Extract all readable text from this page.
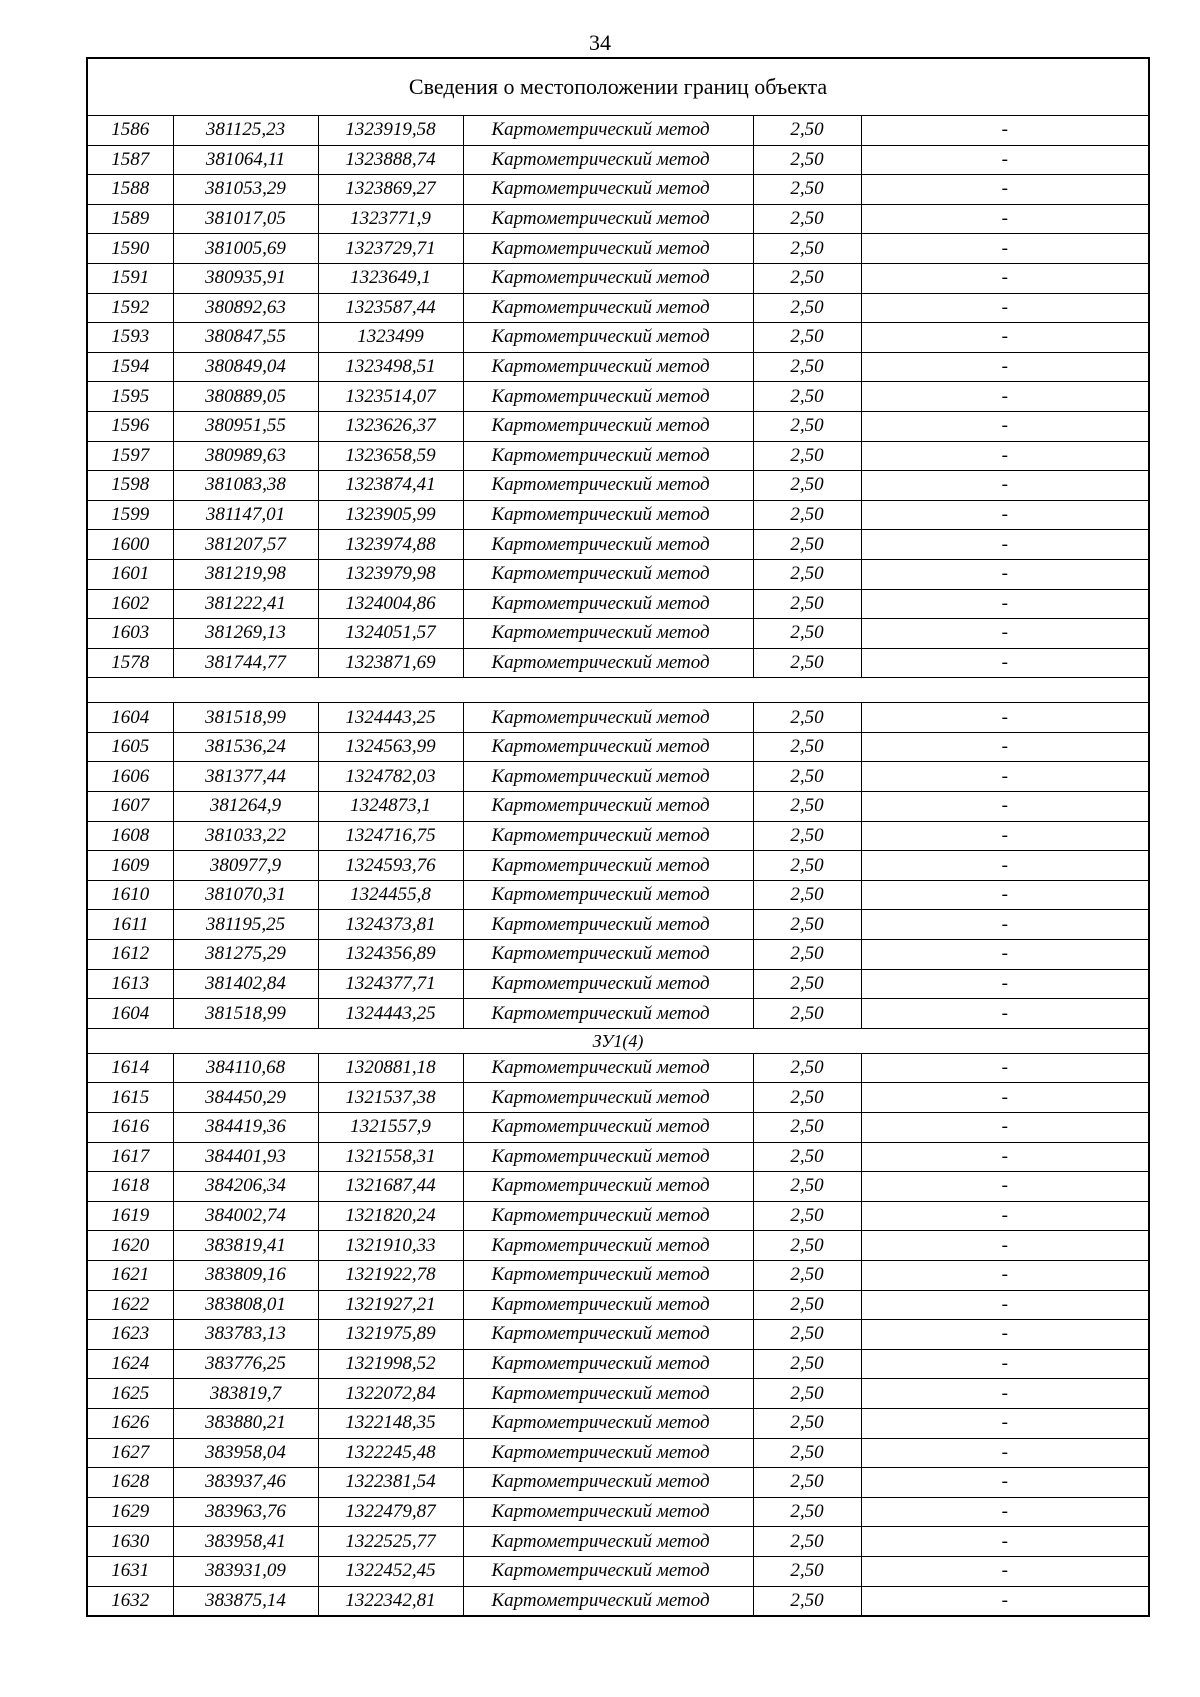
34
Сведения о местоположении границ объекта					
1586	381125,23	1323919,58	Картометрический метод	2,50	-
1587	381064,11	1323888,74	Картометрический метод	2,50	-
1588	381053,29	1323869,27	Картометрический метод	2,50	-
1589	381017,05	1323771,9	Картометрический метод	2,50	-
1590	381005,69	1323729,71	Картометрический метод	2,50	-
1591	380935,91	1323649,1	Картометрический метод	2,50	-
1592	380892,63	1323587,44	Картометрический метод	2,50	-
1593	380847,55	1323499	Картометрический метод	2,50	-
1594	380849,04	1323498,51	Картометрический метод	2,50	-
1595	380889,05	1323514,07	Картометрический метод	2,50	-
1596	380951,55	1323626,37	Картометрический метод	2,50	-
1597	380989,63	1323658,59	Картометрический метод	2,50	-
1598	381083,38	1323874,41	Картометрический метод	2,50	-
1599	381147,01	1323905,99	Картометрический метод	2,50	-
1600	381207,57	1323974,88	Картометрический метод	2,50	-
1601	381219,98	1323979,98	Картометрический метод	2,50	-
1602	381222,41	1324004,86	Картометрический метод	2,50	-
1603	381269,13	1324051,57	Картометрический метод	2,50	-
1578	381744,77	1323871,69	Картометрический метод	2,50	-

1604	381518,99	1324443,25	Картометрический метод	2,50	-
1605	381536,24	1324563,99	Картометрический метод	2,50	-
1606	381377,44	1324782,03	Картометрический метод	2,50	-
1607	381264,9	1324873,1	Картометрический метод	2,50	-
1608	381033,22	1324716,75	Картометрический метод	2,50	-
1609	380977,9	1324593,76	Картометрический метод	2,50	-
1610	381070,31	1324455,8	Картометрический метод	2,50	-
1611	381195,25	1324373,81	Картометрический метод	2,50	-
1612	381275,29	1324356,89	Картометрический метод	2,50	-
1613	381402,84	1324377,71	Картометрический метод	2,50	-
1604	381518,99	1324443,25	Картометрический метод	2,50	-
ЗУ1(4)					
1614	384110,68	1320881,18	Картометрический метод	2,50	-
1615	384450,29	1321537,38	Картометрический метод	2,50	-
1616	384419,36	1321557,9	Картометрический метод	2,50	-
1617	384401,93	1321558,31	Картометрический метод	2,50	-
1618	384206,34	1321687,44	Картометрический метод	2,50	-
1619	384002,74	1321820,24	Картометрический метод	2,50	-
1620	383819,41	1321910,33	Картометрический метод	2,50	-
1621	383809,16	1321922,78	Картометрический метод	2,50	-
1622	383808,01	1321927,21	Картометрический метод	2,50	-
1623	383783,13	1321975,89	Картометрический метод	2,50	-
1624	383776,25	1321998,52	Картометрический метод	2,50	-
1625	383819,7	1322072,84	Картометрический метод	2,50	-
1626	383880,21	1322148,35	Картометрический метод	2,50	-
1627	383958,04	1322245,48	Картометрический метод	2,50	-
1628	383937,46	1322381,54	Картометрический метод	2,50	-
1629	383963,76	1322479,87	Картометрический метод	2,50	-
1630	383958,41	1322525,77	Картометрический метод	2,50	-
1631	383931,09	1322452,45	Картометрический метод	2,50	-
1632	383875,14	1322342,81	Картометрический метод	2,50	-
